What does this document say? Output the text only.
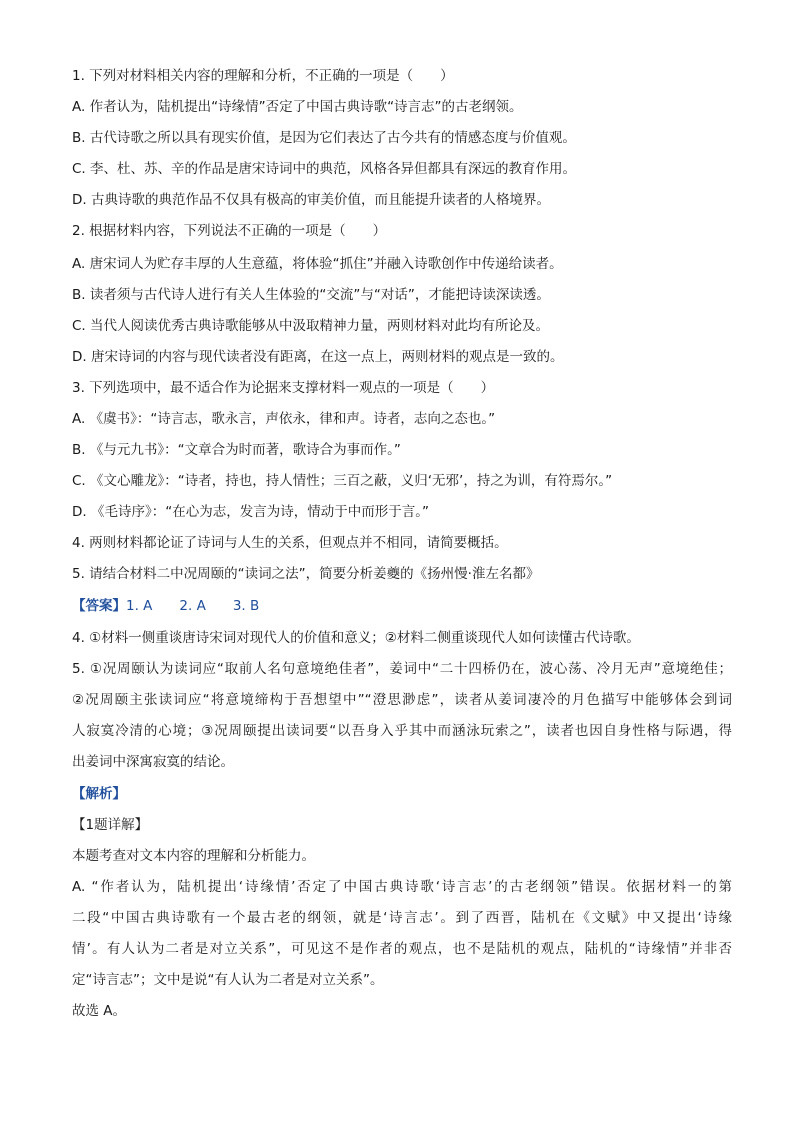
1. 下列对材料相关内容的理解和分析，不正确的一项是（　　）
A. 作者认为，陆机提出“诗缘情”否定了中国古典诗歌“诗言志”的古老纲领。
B. 古代诗歌之所以具有现实价值，是因为它们表达了古今共有的情感态度与价值观。
C. 李、杜、苏、辛的作品是唐宋诗词中的典范，风格各异但都具有深远的教育作用。
D. 古典诗歌的典范作品不仅具有极高的审美价值，而且能提升读者的人格境界。
2. 根据材料内容，下列说法不正确的一项是（　　）
A. 唐宋词人为贮存丰厚的人生意蕴，将体验“抓住”并融入诗歌创作中传递给读者。
B. 读者须与古代诗人进行有关人生体验的“交流”与“对话”，才能把诗读深读透。
C. 当代人阅读优秀古典诗歌能够从中汲取精神力量，两则材料对此均有所论及。
D. 唐宋诗词的内容与现代读者没有距离，在这一点上，两则材料的观点是一致的。
3. 下列选项中，最不适合作为论据来支撑材料一观点的一项是（　　）
A. 《虞书》：“诗言志，歌永言，声依永，律和声。诗者，志向之态也。”
B. 《与元九书》：“文章合为时而著，歌诗合为事而作。”
C. 《文心雕龙》：“诗者，持也，持人情性；三百之蔽，义归‘无邪’，持之为训，有符焉尔。”
D. 《毛诗序》：“在心为志，发言为诗，情动于中而形于言。”
4. 两则材料都论证了诗词与人生的关系，但观点并不相同，请简要概括。
5. 请结合材料二中况周颐的“读词之法”，简要分析姜夔的《扬州慢·淮左名都》
【答案】1. A　　2. A　　3. B
4. ①材料一侧重谈唐诗宋词对现代人的价值和意义；②材料二侧重谈现代人如何读懂古代诗歌。
5. ①况周颐认为读词应“取前人名句意境绝佳者”，姜词中“二十四桥仍在，波心荡、冷月无声”意境绝佳；
②况周颐主张读词应“将意境缔构于吾想望中”“澄思渺虑”，读者从姜词凄冷的月色描写中能够体会到词
人寂寞冷清的心境；③况周颐提出读词要“以吾身入乎其中而涵泳玩索之”，读者也因自身性格与际遇，得
出姜词中深寓寂寞的结论。
【解析】
【1题详解】
本题考查对文本内容的理解和分析能力。
A. “作者认为，陆机提出‘诗缘情’否定了中国古典诗歌‘诗言志’的古老纲领”错误。依据材料一的第
二段“中国古典诗歌有一个最古老的纲领，就是‘诗言志’。到了西晋，陆机在《文赋》中又提出‘诗缘
情’。有人认为二者是对立关系”，可见这不是作者的观点，也不是陆机的观点，陆机的“诗缘情”并非否
定“诗言志”；文中是说“有人认为二者是对立关系”。
故选 A。
